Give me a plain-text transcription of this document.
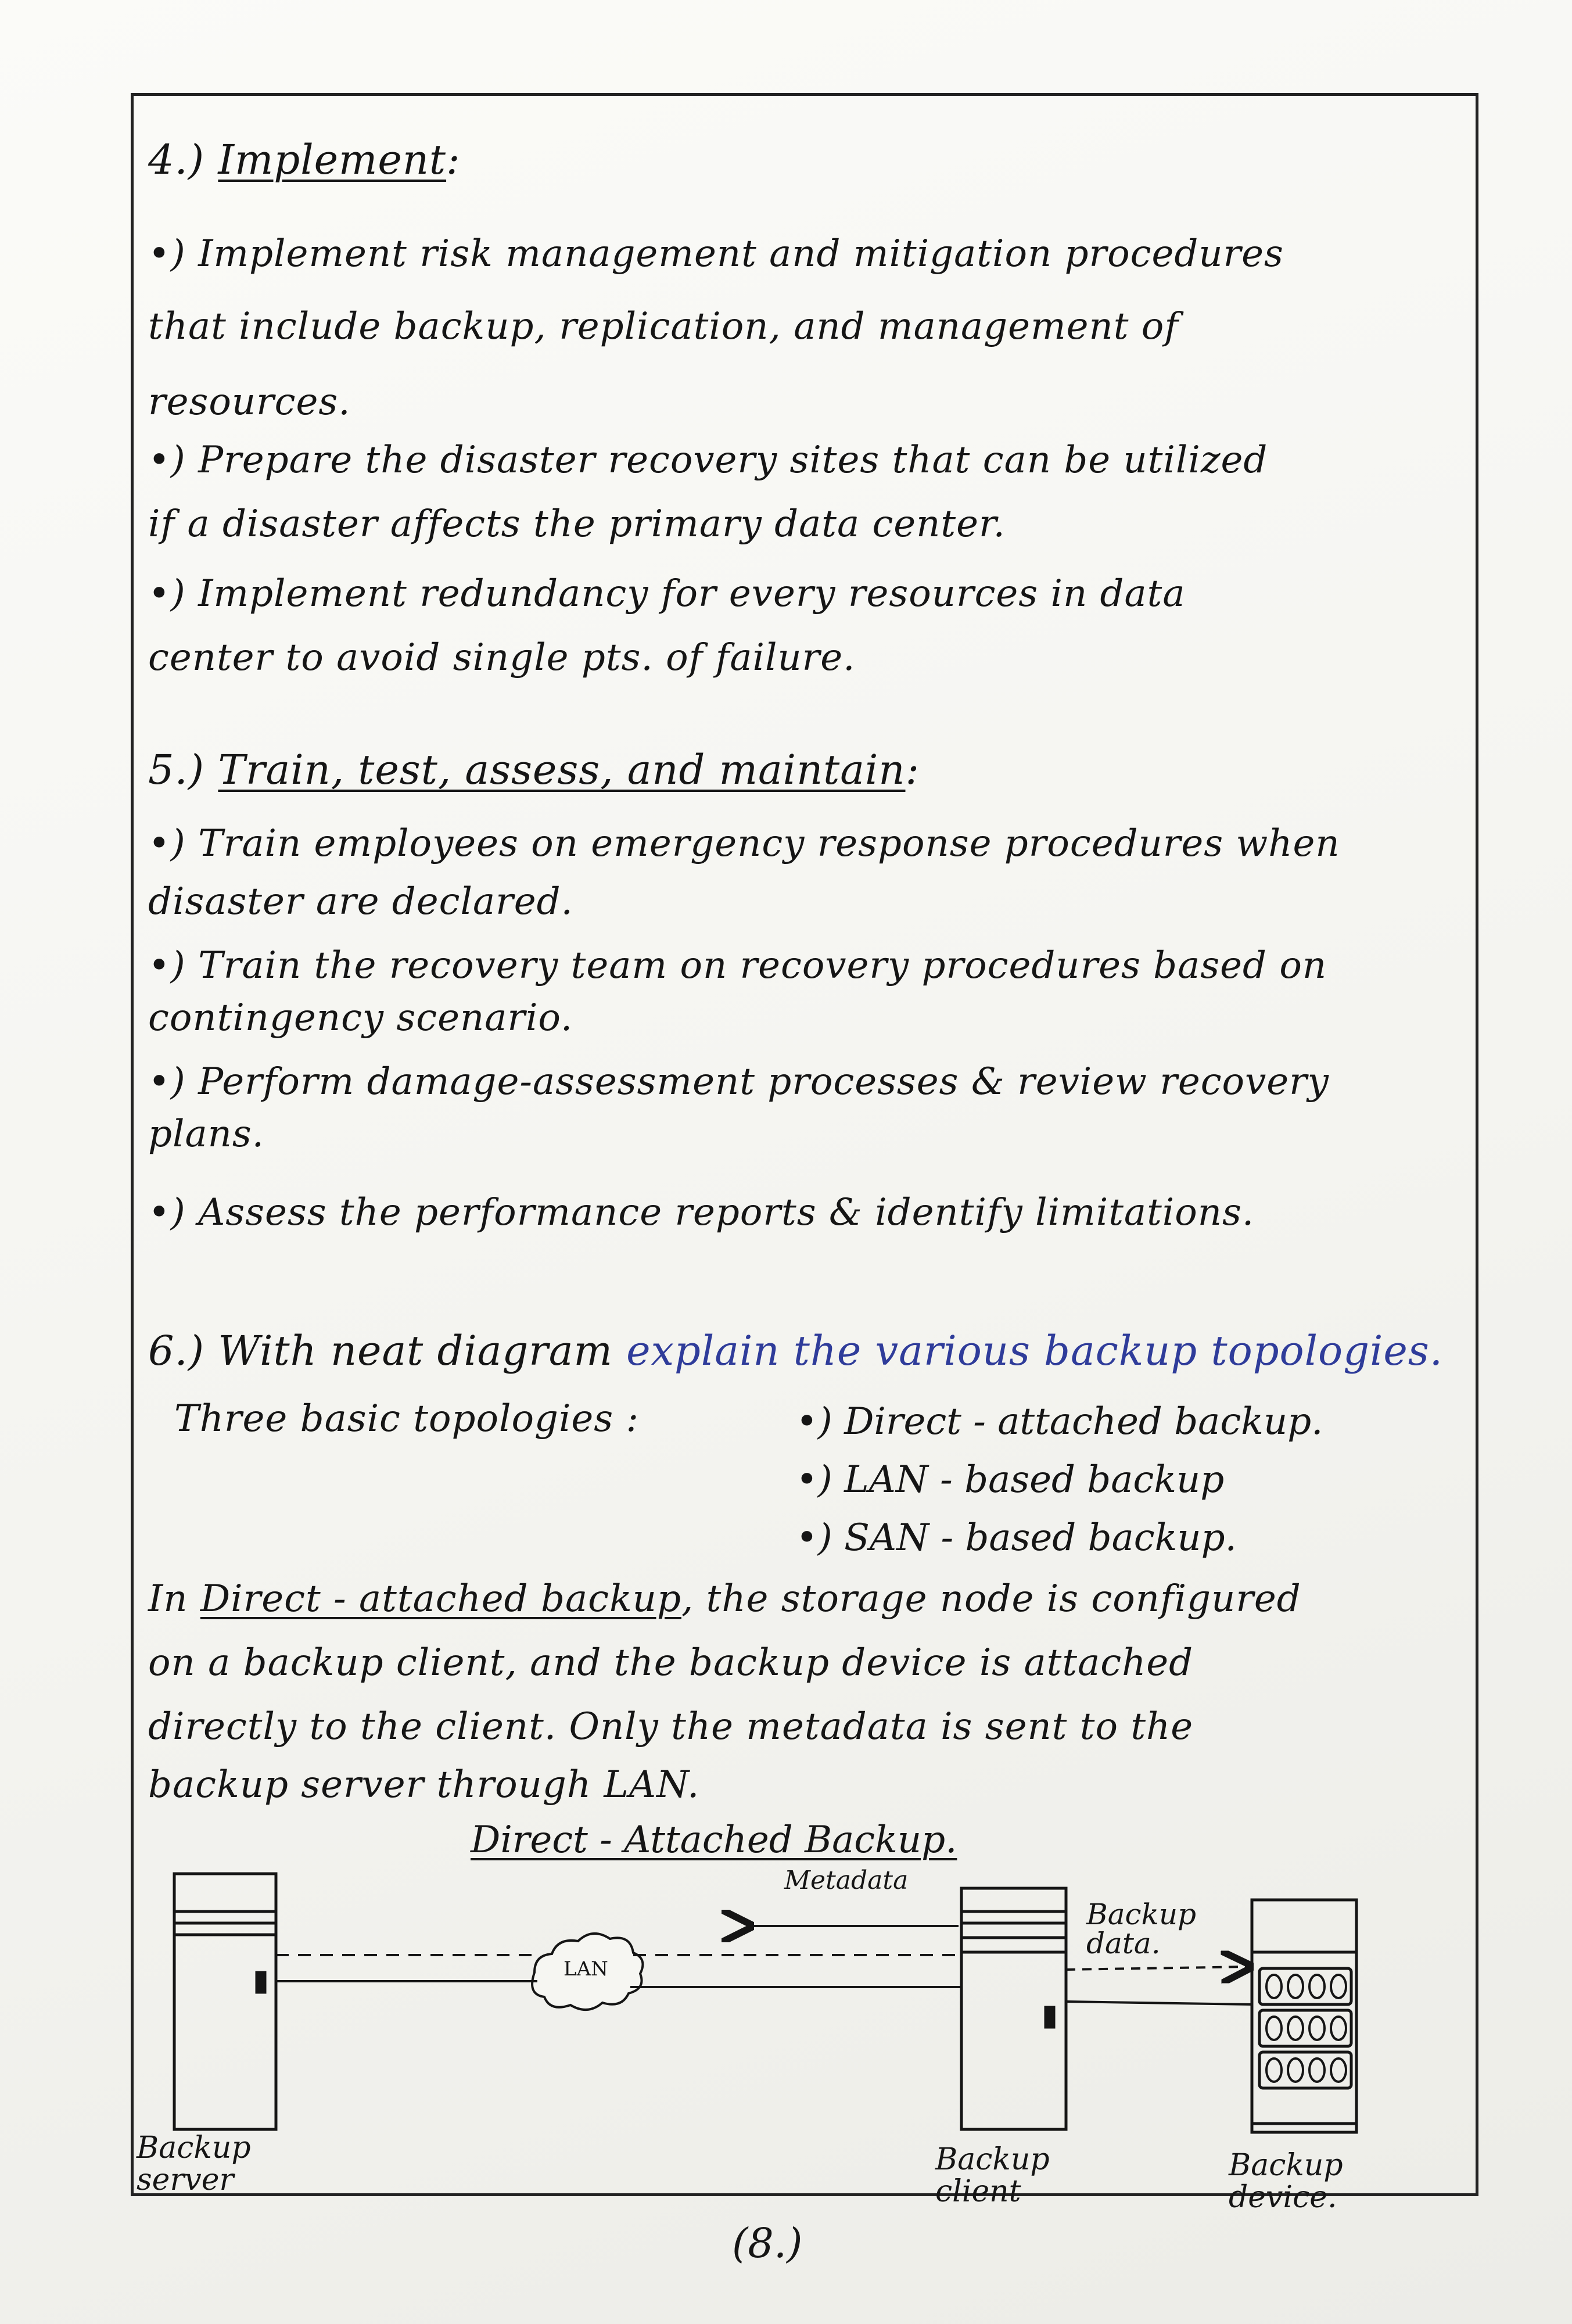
4.) Implement:
•) Implement risk management and mitigation procedures
that include backup, replication, and management of
resources.
•) Prepare the disaster recovery sites that can be utilized
if a disaster affects the primary data center.
•) Implement redundancy for every resources in data
center to avoid single pts. of failure.
5.) Train, test, assess, and maintain:
•) Train employees on emergency response procedures when
disaster are declared.
•) Train the recovery team on recovery procedures based on
contingency scenario.
•) Perform damage-assessment processes & review recovery
plans.
•) Assess the performance reports & identify limitations.
6.) With neat diagram explain the various backup topologies.
Three basic topologies :	•) Direct - attached backup.
•) LAN - based backup
•) SAN - based backup.
In Direct - attached backup, the storage node is configured
on a backup client, and the backup device is attached
directly to the client. Only the metadata is sent to the
backup server through LAN.
Direct - Attached Backup.
LAN
Metadata
Backup data.
Backup server
Backup client
Backup device.
(8.)
